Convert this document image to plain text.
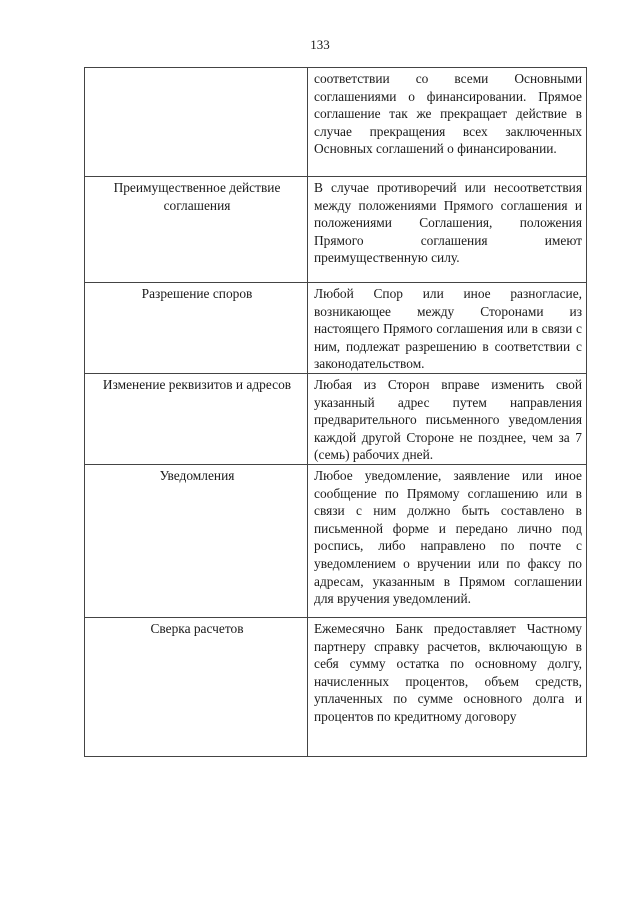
133
	соответствии со всеми Основными соглашениями о финансировании. Прямое соглашение так же прекращает действие в случае прекращения всех заключенных Основных соглашений о финансировании.
Преимущественное действие соглашения	В случае противоречий или несоответствия между положениями Прямого соглашения и положениями Соглашения, положения Прямого соглашения имеют преимущественную силу.
Разрешение споров	Любой Спор или иное разногласие, возникающее между Сторонами из настоящего Прямого соглашения или в связи с ним, подлежат разрешению в соответствии с законодательством.
Изменение реквизитов и адресов	Любая из Сторон вправе изменить свой указанный адрес путем направления предварительного письменного уведомления каждой другой Стороне не позднее, чем за 7 (семь) рабочих дней.
Уведомления	Любое уведомление, заявление или иное сообщение по Прямому соглашению или в связи с ним должно быть составлено в письменной форме и передано лично под роспись, либо направлено по почте с уведомлением о вручении или по факсу по адресам, указанным в Прямом соглашении для вручения уведомлений.
Сверка расчетов	Ежемесячно Банк предоставляет Частному партнеру справку расчетов, включающую в себя сумму остатка по основному долгу, начисленных процентов, объем средств, уплаченных по сумме основного долга и процентов по кредитному договору
